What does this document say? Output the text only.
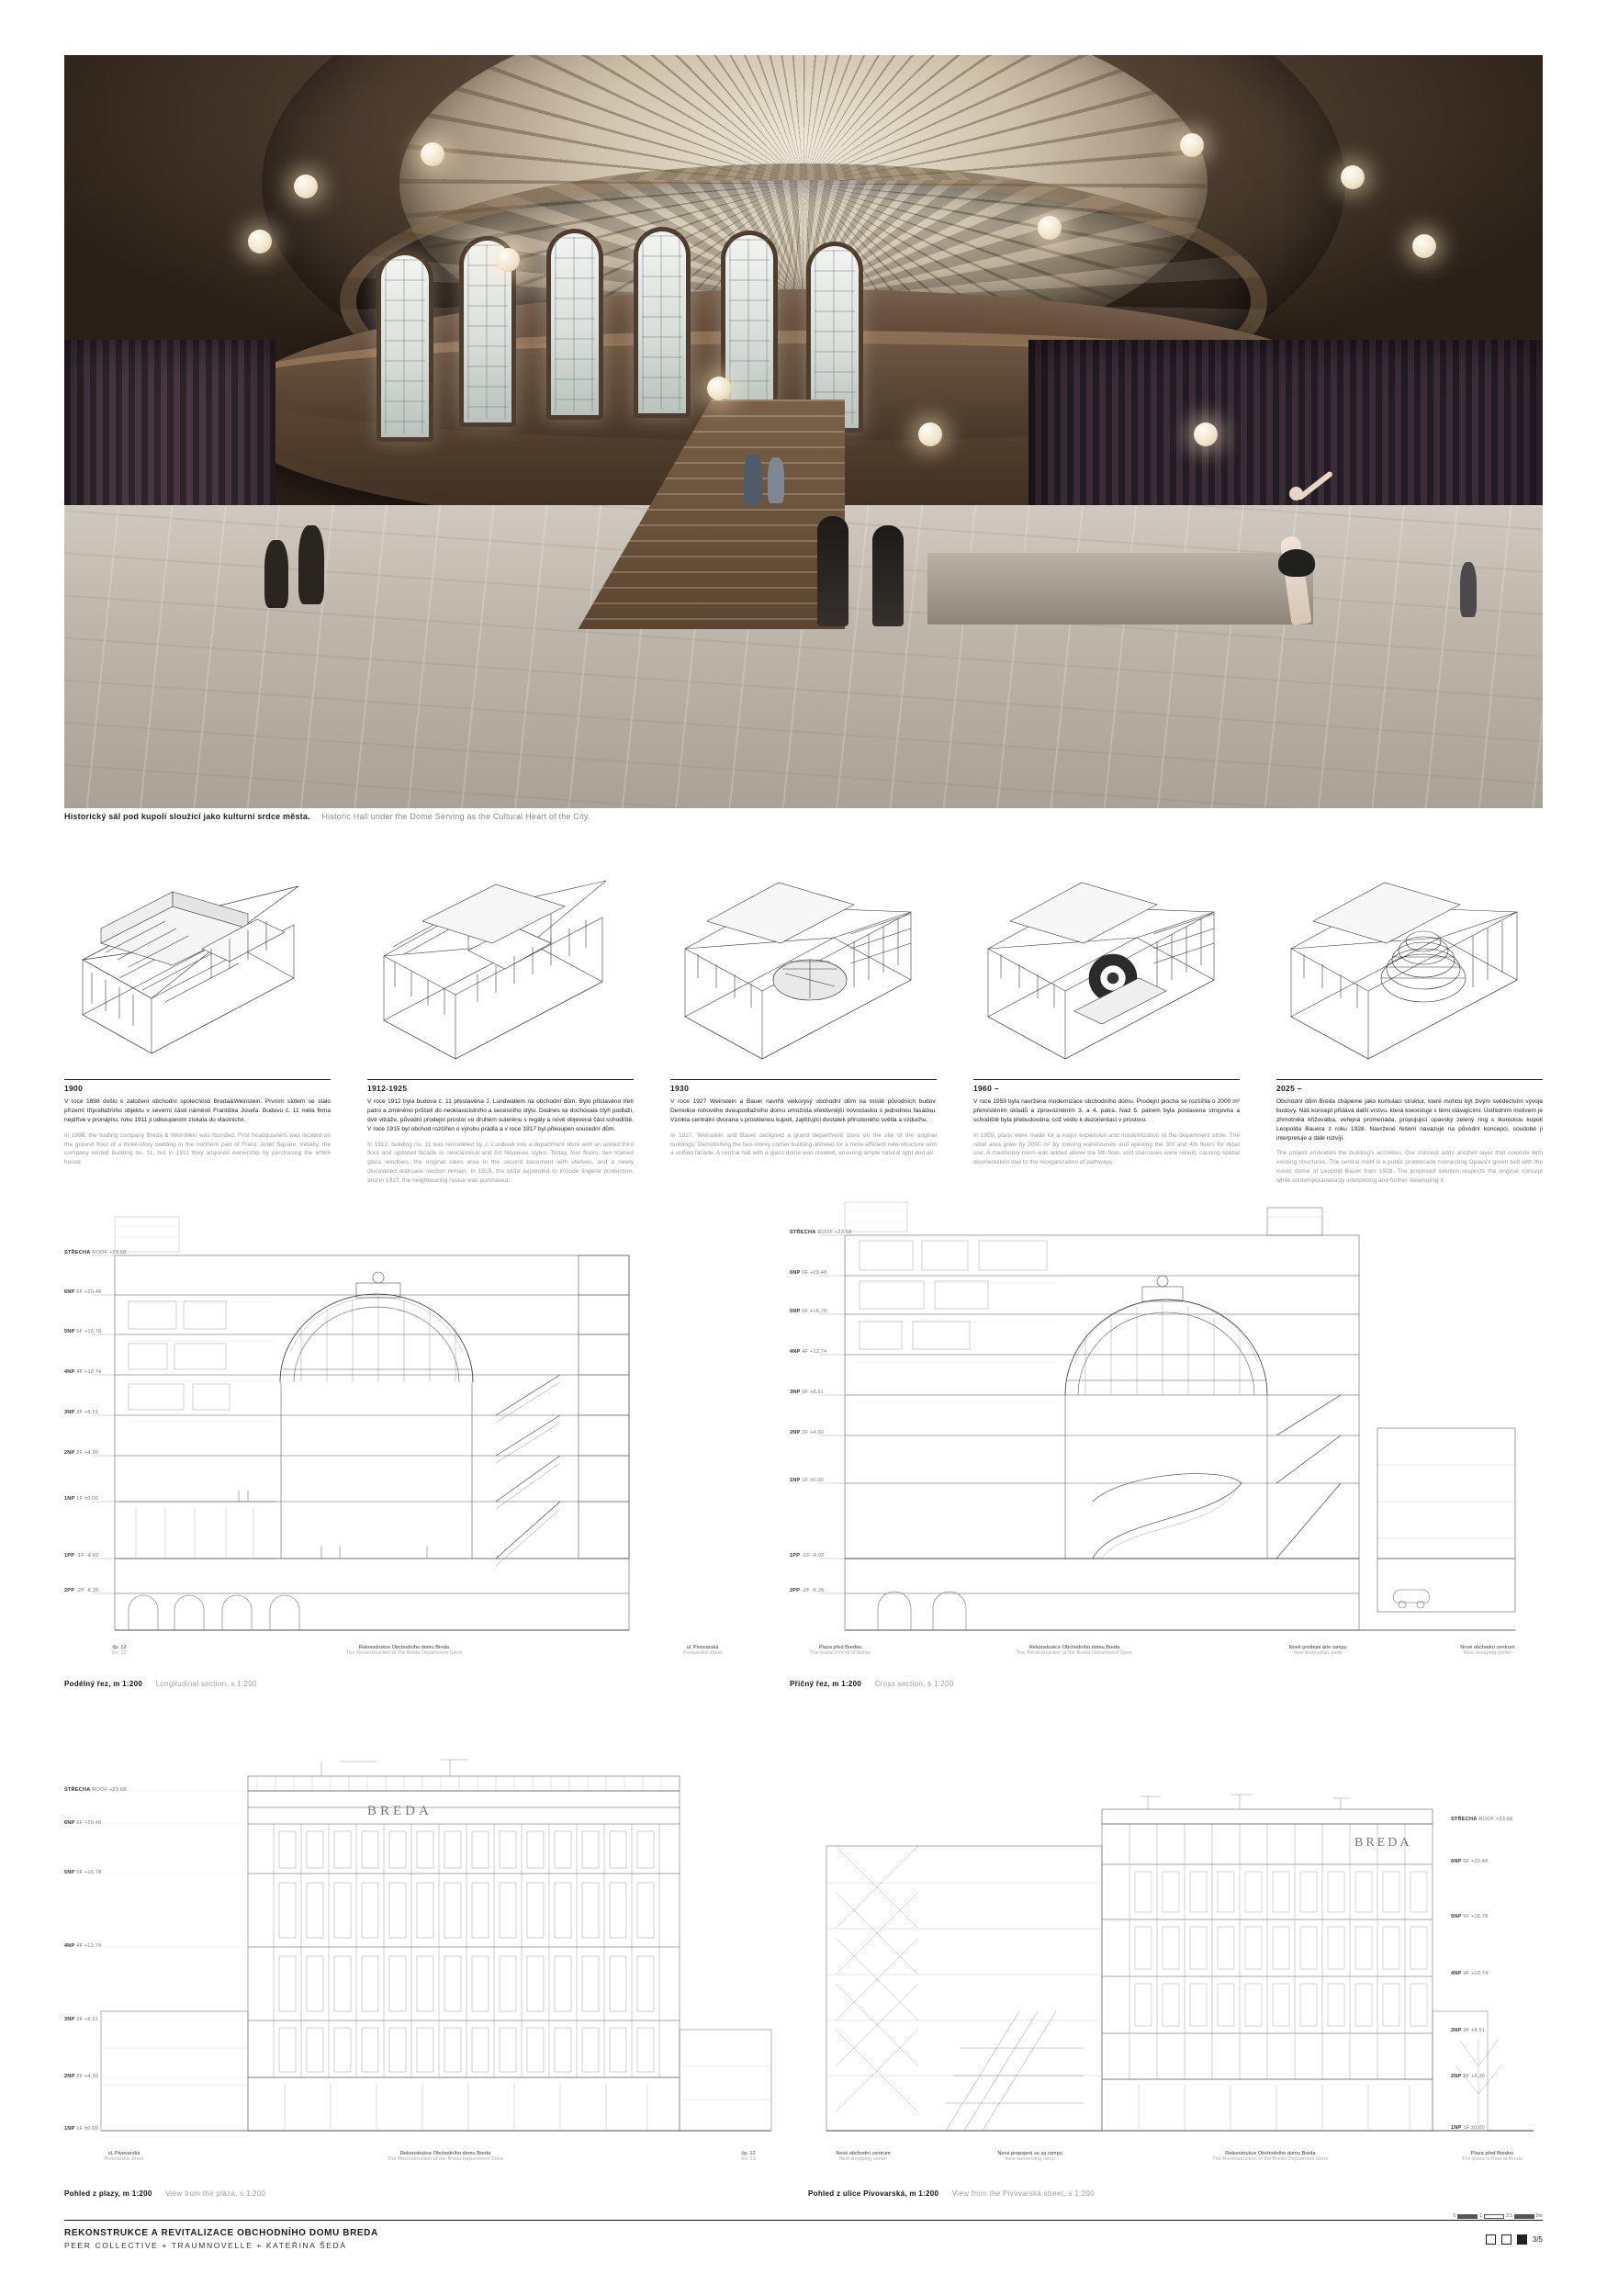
Historický sál pod kupolí sloužící jako kulturní srdce města. Historic Hall under the Dome Serving as the Cultural Heart of the City.
1900
V roce 1898 došlo k založení obchodní společnosti Breda&Weinstein. Prvním sídlem se stalo přízemí třípodlažního objektu v severní části náměstí Františka Josefa. Budovu č. 11 měla firma nejdříve v pronájmu, roku 1911 ji odkoupením získala do vlastnictví.
In 1898, the trading company Breda & Weinstein was founded. First headquarters was located on the ground floor of a three-story building in the northern part of Franz Josef Square. Initially, the company rented building no. 11, but in 1911 they acquired ownership by purchasing the entire house.
1912-1925
V roce 1912 byla budova č. 11 přestavěna J. Lundwallem na obchodní dům. Bylo přistavěno třetí patro a změněno průčelí do neoklasicistního a secesního stylu. Dodnes se dochovala čtyři podlaží, dvě vitráže, původní prodejní prostor ve druhém suterénu s regály a nově objevená část schodiště. V roce 1915 byl obchod rozšířen o výrobu prádla a v roce 1917 byl přikoupen sousední dům.
In 1912, building no. 11 was remodeled by J. Lundwall into a department store with an added third floor and updated facade in neoclassical and Art Nouveau styles. Today, four floors, two stained glass windows, the original sales area in the second basement with shelves, and a newly discovered staircase section remain. In 1915, the store expanded to include lingerie production, and in 1917, the neighbouring house was purchased.
1930
V roce 1927 Weinstein a Bauer navrhli velkorysý obchodní dům na místě původních budov. Demolice rohového dvoupodlažního domu umožnila efektivnější novostavbu s jednotnou fasádou. Vznikla centrální dvorana s prosklenou kupolí, zajišťující dostatek přirozeného světla a vzduchu.
In 1927, Weinstein and Bauer designed a grand department store on the site of the original buildings. Demolishing the two-storey corner building allowed for a more efficient new structure with a unified facade. A central hall with a glass dome was created, ensuring ample natural light and air.
1960 –
V roce 1959 byla navržena modernizace obchodního domu. Prodejní plocha se rozšířila o 2000 m² přemístěním skladů a zprovozněním 3. a 4. patra. Nad 5. patrem byla postavena strojovna a schodiště byla přebudována, což vedlo k dezorientaci v prostoru.
In 1959, plans were made for a major expansion and modernization of the department store. The retail area grew by 2000 m² by moving warehouses and opening the 3rd and 4th floors for retail use. A machinery room was added above the 5th floor, and staircases were rebuilt, causing spatial disorientation due to the reorganization of pathways.
2025 –
Obchodní dům Breda chápeme jako kumulaci struktur, které mohou být živým svědectvím vývoje budovy. Náš koncept přidává další vrstvu, která koexistuje s těmi stávajícími. Ústředním motivem je zhmotnělá křižovatka, veřejná promenáda, propojující opavský zelený ring s ikonickou kupolí Leopolda Bauera z roku 1928. Navržené řešení navazuje na původní koncepci, soudobě ji interpretuje a dále rozvíjí.
The project embodies the building's accretion. Our concept adds another layer that coexists with existing structures. The central motif is a public promenade connecting Opava's green belt with the iconic dome of Leopold Bauer from 1928. The proposed solution respects the original concept while contemporaneously interpreting and further developing it.
STŘECHA ROOF +23.68
6NP 6F +20.48
5NP 5F +16.78
4NP 4F +12.74
3NP 3F +8.51
2NP 2F +4.30
1NP 1F ±0.00
1PP -1F -4.02
2PP -2F -6.26
čp. 12
no. 12
Rekonstrukce Obchodního domu Breda
The Reconstruction of the Breda Department Store
ul. Pivovarská
Pivovarská street
STŘECHA ROOF +23.68
6NP 6F +20.48
5NP 5F +16.78
4NP 4F +12.74
3NP 3F +8.51
2NP 2F +4.30
1NP 1F ±0.00
1PP -1F -4.02
2PP -2F -6.26
Plaza před Bredou
The plaza in front of Breda
Rekonstrukce Obchodního domu Breda
The Reconstruction of the Breda Department Store
Nové prodejní árie rampy
New pedestrian ramp
Nové obchodní centrum
New shopping center
Podélný řez, m 1:200 Longitudinal section, s 1:200	Příčný řez, m 1:200 Cross section, s 1:200
BREDA
STŘECHA ROOF +23.68
6NP 6F +20.48
5NP 5F +16.78
4NP 4F +12.74
3NP 3F +8.51
2NP 2F +4.30
1NP 1F ±0.00
ul. Pivovarská
Pivovarská street
Rekonstrukce Obchodního domu Breda
The Reconstruction of the Breda Department Store
čp. 12
no. 12
BREDA
STŘECHA ROOF +23.68
6NP 6F +20.48
5NP 5F +16.78
4NP 4F +12.74
3NP 3F +8.51
2NP 2F +4.30
1NP 1F ±0.00
Nové obchodní centrum
New shopping center
Nové propojení se za rampu
New connecting ramp
Rekonstrukce Obchodního domu Breda
The Reconstruction of the Breda Department Store
Plaza před Bredou
The plaza in front of Breda
Pohled z plazy, m 1:200 View from the plaza, s 1:200	Pohled z ulice Pivovarská, m 1:200 View from the Pivovarská street, s 1:200
REKONSTRUKCE A REVITALIZACE OBCHODNÍHO DOMU BREDA
PEER COLLECTIVE + TRAUMNOVELLE + KATEŘINA ŠEDÁ
0	1	2.5	5m
3/5
